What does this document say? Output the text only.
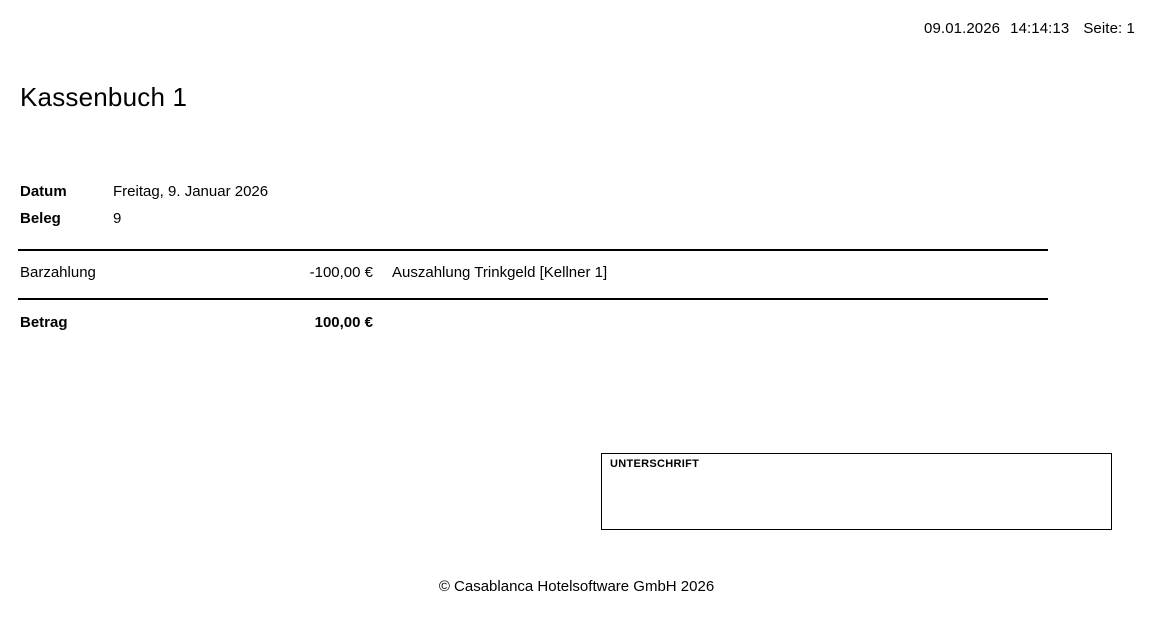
09.01.2026 14:14:13 Seite: 1
Kassenbuch 1
Datum	Freitag, 9. Januar 2026
Beleg	9
Barzahlung	-100,00 € Auszahlung Trinkgeld [Kellner 1]
Betrag	100,00 €
UNTERSCHRIFT
© Casablanca Hotelsoftware GmbH 2026
